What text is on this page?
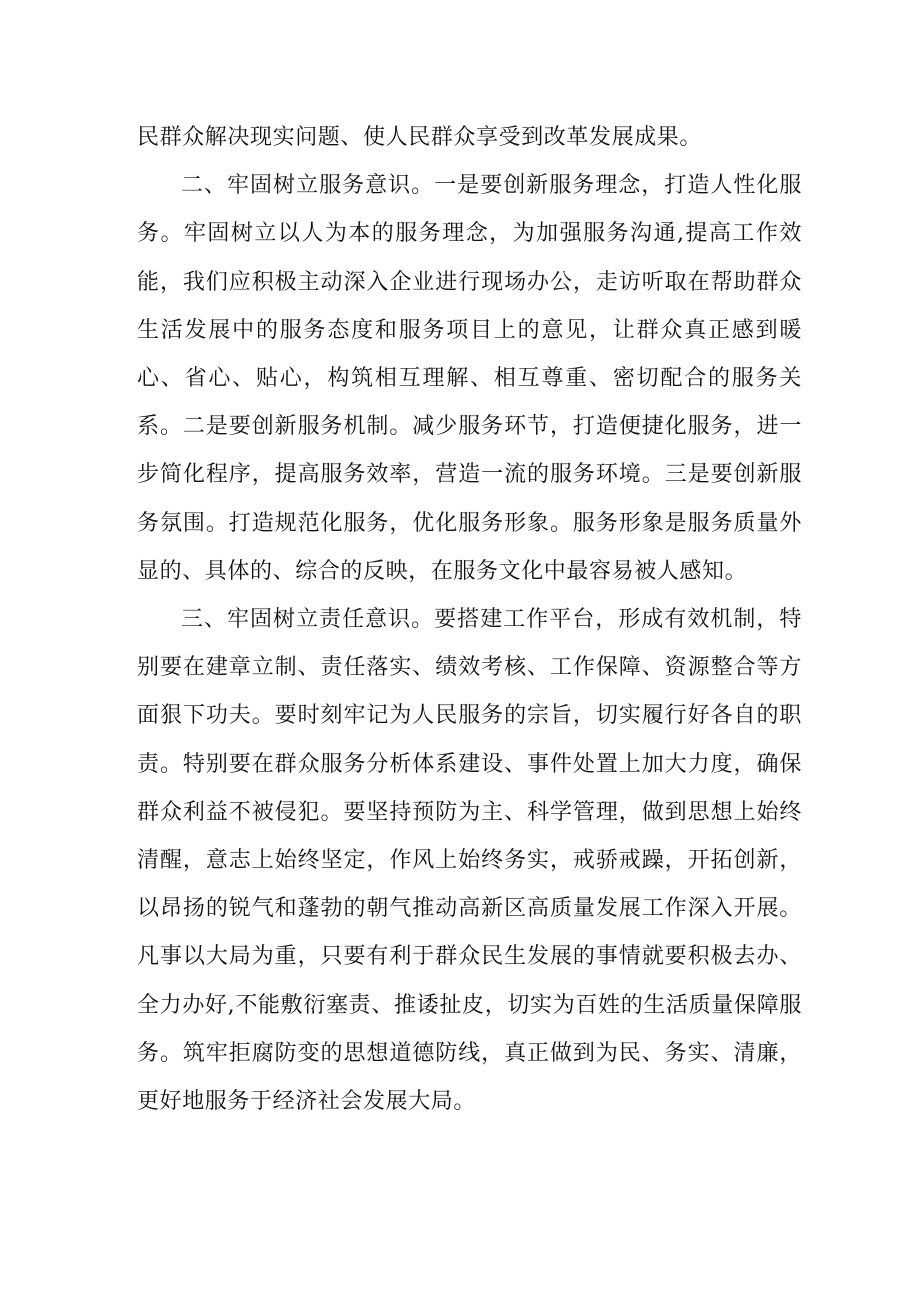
民群众解决现实问题、使人民群众享受到改革发展成果。

二、牢固树立服务意识。一是要创新服务理念，打造人性化服务。牢固树立以人为本的服务理念，为加强服务沟通,提高工作效能，我们应积极主动深入企业进行现场办公，走访听取在帮助群众生活发展中的服务态度和服务项目上的意见，让群众真正感到暖心、省心、贴心，构筑相互理解、相互尊重、密切配合的服务关系。二是要创新服务机制。减少服务环节，打造便捷化服务，进一步简化程序，提高服务效率，营造一流的服务环境。三是要创新服务氛围。打造规范化服务，优化服务形象。服务形象是服务质量外显的、具体的、综合的反映，在服务文化中最容易被人感知。

三、牢固树立责任意识。要搭建工作平台，形成有效机制，特别要在建章立制、责任落实、绩效考核、工作保障、资源整合等方面狠下功夫。要时刻牢记为人民服务的宗旨，切实履行好各自的职责。特别要在群众服务分析体系建设、事件处置上加大力度，确保群众利益不被侵犯。要坚持预防为主、科学管理，做到思想上始终清醒，意志上始终坚定，作风上始终务实，戒骄戒躁，开拓创新，以昂扬的锐气和蓬勃的朝气推动高新区高质量发展工作深入开展。凡事以大局为重，只要有利于群众民生发展的事情就要积极去办、全力办好,不能敷衍塞责、推诿扯皮，切实为百姓的生活质量保障服务。筑牢拒腐防变的思想道德防线，真正做到为民、务实、清廉，更好地服务于经济社会发展大局。
